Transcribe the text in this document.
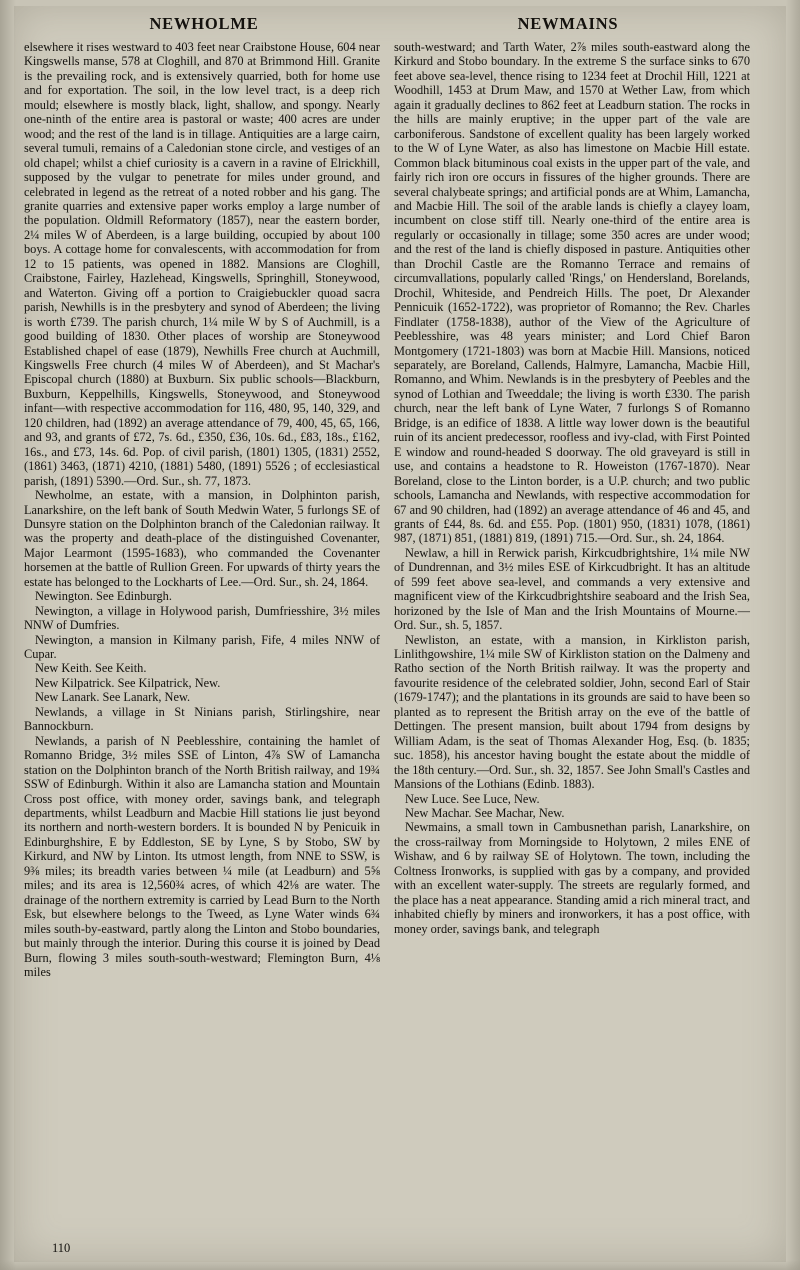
NEWHOLME	NEWMAINS

elsewhere it rises westward to 403 feet near Craibstone House, 604 near Kingswells manse, 578 at Cloghill, and 870 at Brimmond Hill. Granite is the prevailing rock, and is extensively quarried, both for home use and for exportation. The soil, in the low level tract, is a deep rich mould; elsewhere is mostly black, light, shallow, and spongy. Nearly one-ninth of the entire area is pastoral or waste; 400 acres are under wood; and the rest of the land is in tillage. Antiquities are a large cairn, several tumuli, remains of a Caledonian stone circle, and vestiges of an old chapel; whilst a chief curiosity is a cavern in a ravine of Elrickhill, supposed by the vulgar to penetrate for miles under ground, and celebrated in legend as the retreat of a noted robber and his gang. The granite quarries and extensive paper works employ a large number of the population. Oldmill Reformatory (1857), near the eastern border, 2¼ miles W of Aberdeen, is a large building, occupied by about 100 boys. A cottage home for convalescents, with accommodation for from 12 to 15 patients, was opened in 1882. Mansions are Cloghill, Craibstone, Fairley, Hazlehead, Kingswells, Springhill, Stoneywood, and Waterton. Giving off a portion to Craigiebuckler quoad sacra parish, Newhills is in the presbytery and synod of Aberdeen; the living is worth £739. The parish church, 1¼ mile W by S of Auchmill, is a good building of 1830. Other places of worship are Stoneywood Established chapel of ease (1879), Newhills Free church at Auchmill, Kingswells Free church (4 miles W of Aberdeen), and St Machar's Episcopal church (1880) at Buxburn. Six public schools—Blackburn, Buxburn, Keppelhills, Kingswells, Stoneywood, and Stoneywood infant—with respective accommodation for 116, 480, 95, 140, 329, and 120 children, had (1892) an average attendance of 79, 400, 45, 65, 166, and 93, and grants of £72, 7s. 6d., £350, £36, 10s. 6d., £83, 18s., £162, 16s., and £73, 14s. 6d. Pop. of civil parish, (1801) 1305, (1831) 2552, (1861) 3463, (1871) 4210, (1881) 5480, (1891) 5526 ; of ecclesiastical parish, (1891) 5390.—Ord. Sur., sh. 77, 1873.

Newholme, an estate, with a mansion, in Dolphinton parish, Lanarkshire, on the left bank of South Medwin Water, 5 furlongs SE of Dunsyre station on the Dolphinton branch of the Caledonian railway. It was the property and death-place of the distinguished Covenanter, Major Learmont (1595-1683), who commanded the Covenanter horsemen at the battle of Rullion Green. For upwards of thirty years the estate has belonged to the Lockharts of Lee.—Ord. Sur., sh. 24, 1864.

Newington. See Edinburgh.

Newington, a village in Holywood parish, Dumfriesshire, 3½ miles NNW of Dumfries.

Newington, a mansion in Kilmany parish, Fife, 4 miles NNW of Cupar.

New Keith. See Keith.

New Kilpatrick. See Kilpatrick, New.

New Lanark. See Lanark, New.

Newlands, a village in St Ninians parish, Stirlingshire, near Bannockburn.

Newlands, a parish of N Peeblesshire, containing the hamlet of Romanno Bridge, 3½ miles SSE of Linton, 4⅞ SW of Lamancha station on the Dolphinton branch of the North British railway, and 19¾ SSW of Edinburgh. Within it also are Lamancha station and Mountain Cross post office, with money order, savings bank, and telegraph departments, whilst Leadburn and Macbie Hill stations lie just beyond its northern and north-western borders. It is bounded N by Penicuik in Edinburghshire, E by Eddleston, SE by Lyne, S by Stobo, SW by Kirkurd, and NW by Linton. Its utmost length, from NNE to SSW, is 9⅜ miles; its breadth varies between ¼ mile (at Leadburn) and 5⅝ miles; and its area is 12,560¾ acres, of which 42⅛ are water. The drainage of the northern extremity is carried by Lead Burn to the North Esk, but elsewhere belongs to the Tweed, as Lyne Water winds 6¾ miles south-by-eastward, partly along the Linton and Stobo boundaries, but mainly through the interior. During this course it is joined by Dead Burn, flowing 3 miles south-south-westward; Flemington Burn, 4⅛ miles

south-westward; and Tarth Water, 2⅞ miles south-eastward along the Kirkurd and Stobo boundary. In the extreme S the surface sinks to 670 feet above sea-level, thence rising to 1234 feet at Drochil Hill, 1221 at Woodhill, 1453 at Drum Maw, and 1570 at Wether Law, from which again it gradually declines to 862 feet at Leadburn station. The rocks in the hills are mainly eruptive; in the upper part of the vale are carboniferous. Sandstone of excellent quality has been largely worked to the W of Lyne Water, as also has limestone on Macbie Hill estate. Common black bituminous coal exists in the upper part of the vale, and fairly rich iron ore occurs in fissures of the higher grounds. There are several chalybeate springs; and artificial ponds are at Whim, Lamancha, and Macbie Hill. The soil of the arable lands is chiefly a clayey loam, incumbent on close stiff till. Nearly one-third of the entire area is regularly or occasionally in tillage; some 350 acres are under wood; and the rest of the land is chiefly disposed in pasture. Antiquities other than Drochil Castle are the Romanno Terrace and remains of circumvallations, popularly called 'Rings,' on Hendersland, Borelands, Drochil, Whiteside, and Pendreich Hills. The poet, Dr Alexander Pennicuik (1652-1722), was proprietor of Romanno; the Rev. Charles Findlater (1758-1838), author of the View of the Agriculture of Peeblesshire, was 48 years minister; and Lord Chief Baron Montgomery (1721-1803) was born at Macbie Hill. Mansions, noticed separately, are Boreland, Callends, Halmyre, Lamancha, Macbie Hill, Romanno, and Whim. Newlands is in the presbytery of Peebles and the synod of Lothian and Tweeddale; the living is worth £330. The parish church, near the left bank of Lyne Water, 7 furlongs S of Romanno Bridge, is an edifice of 1838. A little way lower down is the beautiful ruin of its ancient predecessor, roofless and ivy-clad, with First Pointed E window and round-headed S doorway. The old graveyard is still in use, and contains a headstone to R. Howeiston (1767-1870). Near Boreland, close to the Linton border, is a U.P. church; and two public schools, Lamancha and Newlands, with respective accommodation for 67 and 90 children, had (1892) an average attendance of 46 and 45, and grants of £44, 8s. 6d. and £55. Pop. (1801) 950, (1831) 1078, (1861) 987, (1871) 851, (1881) 819, (1891) 715.—Ord. Sur., sh. 24, 1864.

Newlaw, a hill in Rerwick parish, Kirkcudbrightshire, 1¼ mile NW of Dundrennan, and 3½ miles ESE of Kirkcudbright. It has an altitude of 599 feet above sea-level, and commands a very extensive and magnificent view of the Kirkcudbrightshire seaboard and the Irish Sea, horizoned by the Isle of Man and the Irish Mountains of Mourne.—Ord. Sur., sh. 5, 1857.

Newliston, an estate, with a mansion, in Kirkliston parish, Linlithgowshire, 1¼ mile SW of Kirkliston station on the Dalmeny and Ratho section of the North British railway. It was the property and favourite residence of the celebrated soldier, John, second Earl of Stair (1679-1747); and the plantations in its grounds are said to have been so planted as to represent the British array on the eve of the battle of Dettingen. The present mansion, built about 1794 from designs by William Adam, is the seat of Thomas Alexander Hog, Esq. (b. 1835; suc. 1858), his ancestor having bought the estate about the middle of the 18th century.—Ord. Sur., sh. 32, 1857. See John Small's Castles and Mansions of the Lothians (Edinb. 1883).

New Luce. See Luce, New.

New Machar. See Machar, New.

Newmains, a small town in Cambusnethan parish, Lanarkshire, on the cross-railway from Morningside to Holytown, 2 miles ENE of Wishaw, and 6 by railway SE of Holytown. The town, including the Coltness Ironworks, is supplied with gas by a company, and provided with an excellent water-supply. The streets are regularly formed, and the place has a neat appearance. Standing amid a rich mineral tract, and inhabited chiefly by miners and ironworkers, it has a post office, with money order, savings bank, and telegraph

110
